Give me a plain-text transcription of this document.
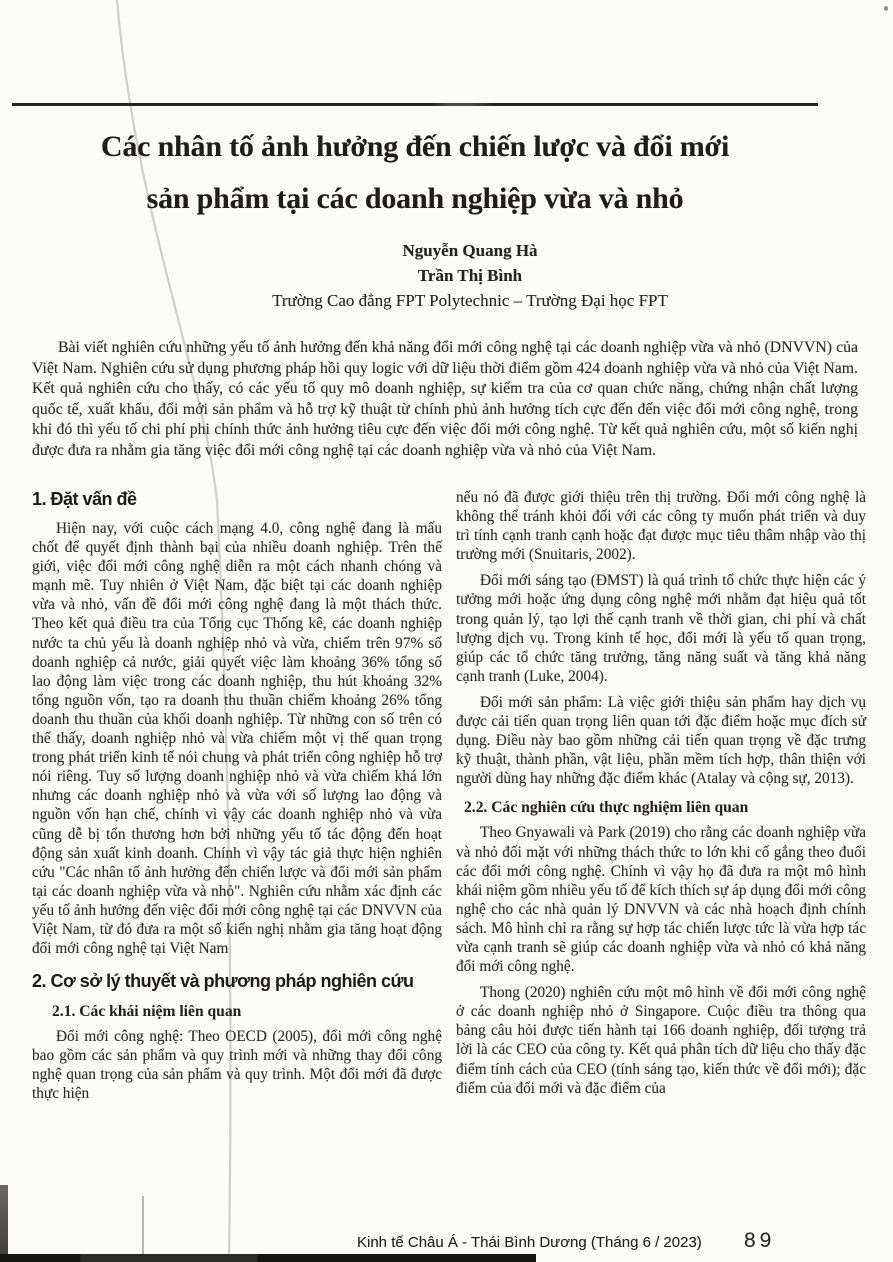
Các nhân tố ảnh hưởng đến chiến lược và đổi mới
sản phẩm tại các doanh nghiệp vừa và nhỏ
Nguyễn Quang Hà
Trần Thị Bình
Trường Cao đẳng FPT Polytechnic – Trường Đại học FPT

Bài viết nghiên cứu những yếu tố ảnh hưởng đến khả năng đổi mới công nghệ tại các doanh nghiệp vừa và nhỏ (DNVVN) của Việt Nam. Nghiên cứu sử dụng phương pháp hồi quy logic với dữ liệu thời điểm gồm 424 doanh nghiệp vừa và nhỏ của Việt Nam. Kết quả nghiên cứu cho thấy, có các yếu tố quy mô doanh nghiệp, sự kiểm tra của cơ quan chức năng, chứng nhận chất lượng quốc tế, xuất khẩu, đổi mới sản phẩm và hỗ trợ kỹ thuật từ chính phủ ảnh hưởng tích cực đến đến việc đổi mới công nghệ, trong khi đó thì yếu tố chi phí phi chính thức ảnh hưởng tiêu cực đến việc đổi mới công nghệ. Từ kết quả nghiên cứu, một số kiến nghị được đưa ra nhằm gia tăng việc đổi mới công nghệ tại các doanh nghiệp vừa và nhỏ của Việt Nam.

1. Đặt vấn đề

Hiện nay, với cuộc cách mạng 4.0, công nghệ đang là mấu chốt để quyết định thành bại của nhiều doanh nghiệp. Trên thế giới, việc đổi mới công nghệ diễn ra một cách nhanh chóng và mạnh mẽ. Tuy nhiên ở Việt Nam, đặc biệt tại các doanh nghiệp vừa và nhỏ, vấn đề đổi mới công nghệ đang là một thách thức. Theo kết quả điều tra của Tổng cục Thống kê, các doanh nghiệp nước ta chủ yếu là doanh nghiệp nhỏ và vừa, chiếm trên 97% số doanh nghiệp cả nước, giải quyết việc làm khoảng 36% tổng số lao động làm việc trong các doanh nghiệp, thu hút khoảng 32% tổng nguồn vốn, tạo ra doanh thu thuần chiếm khoảng 26% tổng doanh thu thuần của khối doanh nghiệp. Từ những con số trên có thể thấy, doanh nghiệp nhỏ và vừa chiếm một vị thế quan trọng trong phát triển kinh tế nói chung và phát triển công nghiệp hỗ trợ nói riêng. Tuy số lượng doanh nghiệp nhỏ và vừa chiếm khá lớn nhưng các doanh nghiệp nhỏ và vừa với số lượng lao động và nguồn vốn hạn chế, chính vì vậy các doanh nghiệp nhỏ và vừa cũng dễ bị tổn thương hơn bởi những yếu tố tác động đến hoạt động sản xuất kinh doanh. Chính vì vậy tác giả thực hiện nghiên cứu "Các nhân tố ảnh hưởng đến chiến lược và đổi mới sản phẩm tại các doanh nghiệp vừa và nhỏ". Nghiên cứu nhằm xác định các yếu tố ảnh hưởng đến việc đổi mới công nghệ tại các DNVVN của Việt Nam, từ đó đưa ra một số kiến nghị nhằm gia tăng hoạt động đổi mới công nghệ tại Việt Nam

2. Cơ sở lý thuyết và phương pháp nghiên cứu
2.1. Các khái niệm liên quan

Đổi mới công nghệ: Theo OECD (2005), đổi mới công nghệ bao gồm các sản phẩm và quy trình mới và những thay đổi công nghệ quan trọng của sản phẩm và quy trình. Một đổi mới đã được thực hiện

nếu nó đã được giới thiệu trên thị trường. Đổi mới công nghệ là không thể tránh khỏi đối với các công ty muốn phát triển và duy trì tính cạnh tranh cạnh hoặc đạt được mục tiêu thâm nhập vào thị trường mới (Snuitaris, 2002).

Đổi mới sáng tạo (ĐMST) là quá trình tổ chức thực hiện các ý tưởng mới hoặc ứng dụng công nghệ mới nhằm đạt hiệu quả tốt trong quản lý, tạo lợi thế cạnh tranh về thời gian, chi phí và chất lượng dịch vụ. Trong kinh tế học, đổi mới là yếu tố quan trọng, giúp các tổ chức tăng trưởng, tăng năng suất và tăng khả năng cạnh tranh (Luke, 2004).

Đổi mới sản phẩm: Là việc giới thiệu sản phẩm hay dịch vụ được cải tiến quan trọng liên quan tới đặc điểm hoặc mục đích sử dụng. Điều này bao gồm những cải tiến quan trọng về đặc trưng kỹ thuật, thành phần, vật liệu, phần mềm tích hợp, thân thiện với người dùng hay những đặc điểm khác (Atalay và cộng sự, 2013).

2.2. Các nghiên cứu thực nghiệm liên quan

Theo Gnyawali và Park (2019) cho rằng các doanh nghiệp vừa và nhỏ đối mặt với những thách thức to lớn khi cố gắng theo đuổi các đổi mới công nghệ. Chính vì vậy họ đã đưa ra một mô hình khái niệm gồm nhiều yếu tố để kích thích sự áp dụng đổi mới công nghệ cho các nhà quản lý DNVVN và các nhà hoạch định chính sách. Mô hình chỉ ra rằng sự hợp tác chiến lược tức là vừa hợp tác vừa cạnh tranh sẽ giúp các doanh nghiệp vừa và nhỏ có khả năng đổi mới công nghệ.

Thong (2020) nghiên cứu một mô hình về đổi mới công nghệ ở các doanh nghiệp nhỏ ở Singapore. Cuộc điều tra thông qua bảng câu hỏi được tiến hành tại 166 doanh nghiệp, đối tượng trả lời là các CEO của công ty. Kết quả phân tích dữ liệu cho thấy đặc điểm tính cách của CEO (tính sáng tạo, kiến thức về đổi mới); đặc điểm của đổi mới và đặc điểm của

Kinh tế Châu Á - Thái Bình Dương (Tháng 6 / 2023) 89
